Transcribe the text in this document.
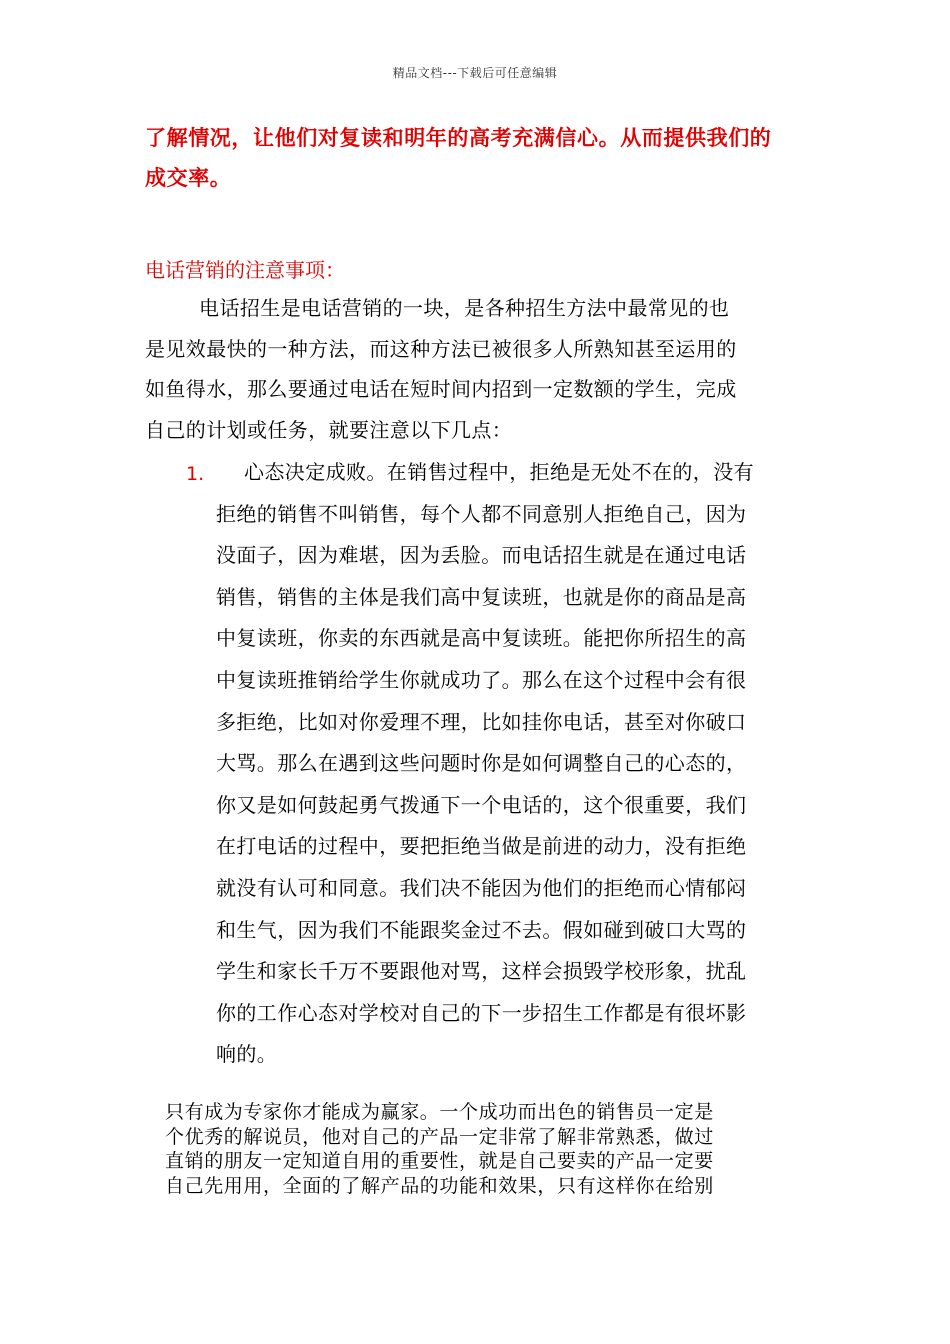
精品文档---下载后可任意编辑
了解情况，让他们对复读和明年的高考充满信心。从而提供我们的
成交率。
电话营销的注意事项：
电话招生是电话营销的一块，是各种招生方法中最常见的也
是见效最快的一种方法，而这种方法已被很多人所熟知甚至运用的
如鱼得水，那么要通过电话在短时间内招到一定数额的学生，完成
自己的计划或任务，就要注意以下几点：
1.	心态决定成败。在销售过程中，拒绝是无处不在的，没有
拒绝的销售不叫销售，每个人都不同意别人拒绝自己，因为
没面子，因为难堪，因为丢脸。而电话招生就是在通过电话
销售，销售的主体是我们高中复读班，也就是你的商品是高
中复读班，你卖的东西就是高中复读班。能把你所招生的高
中复读班推销给学生你就成功了。那么在这个过程中会有很
多拒绝，比如对你爱理不理，比如挂你电话，甚至对你破口
大骂。那么在遇到这些问题时你是如何调整自己的心态的，
你又是如何鼓起勇气拨通下一个电话的，这个很重要，我们
在打电话的过程中，要把拒绝当做是前进的动力，没有拒绝
就没有认可和同意。我们决不能因为他们的拒绝而心情郁闷
和生气，因为我们不能跟奖金过不去。假如碰到破口大骂的
学生和家长千万不要跟他对骂，这样会损毁学校形象，扰乱
你的工作心态对学校对自己的下一步招生工作都是有很坏影
响的。
只有成为专家你才能成为赢家。一个成功而出色的销售员一定是
个优秀的解说员，他对自己的产品一定非常了解非常熟悉，做过
直销的朋友一定知道自用的重要性，就是自己要卖的产品一定要
自己先用用，全面的了解产品的功能和效果，只有这样你在给别
